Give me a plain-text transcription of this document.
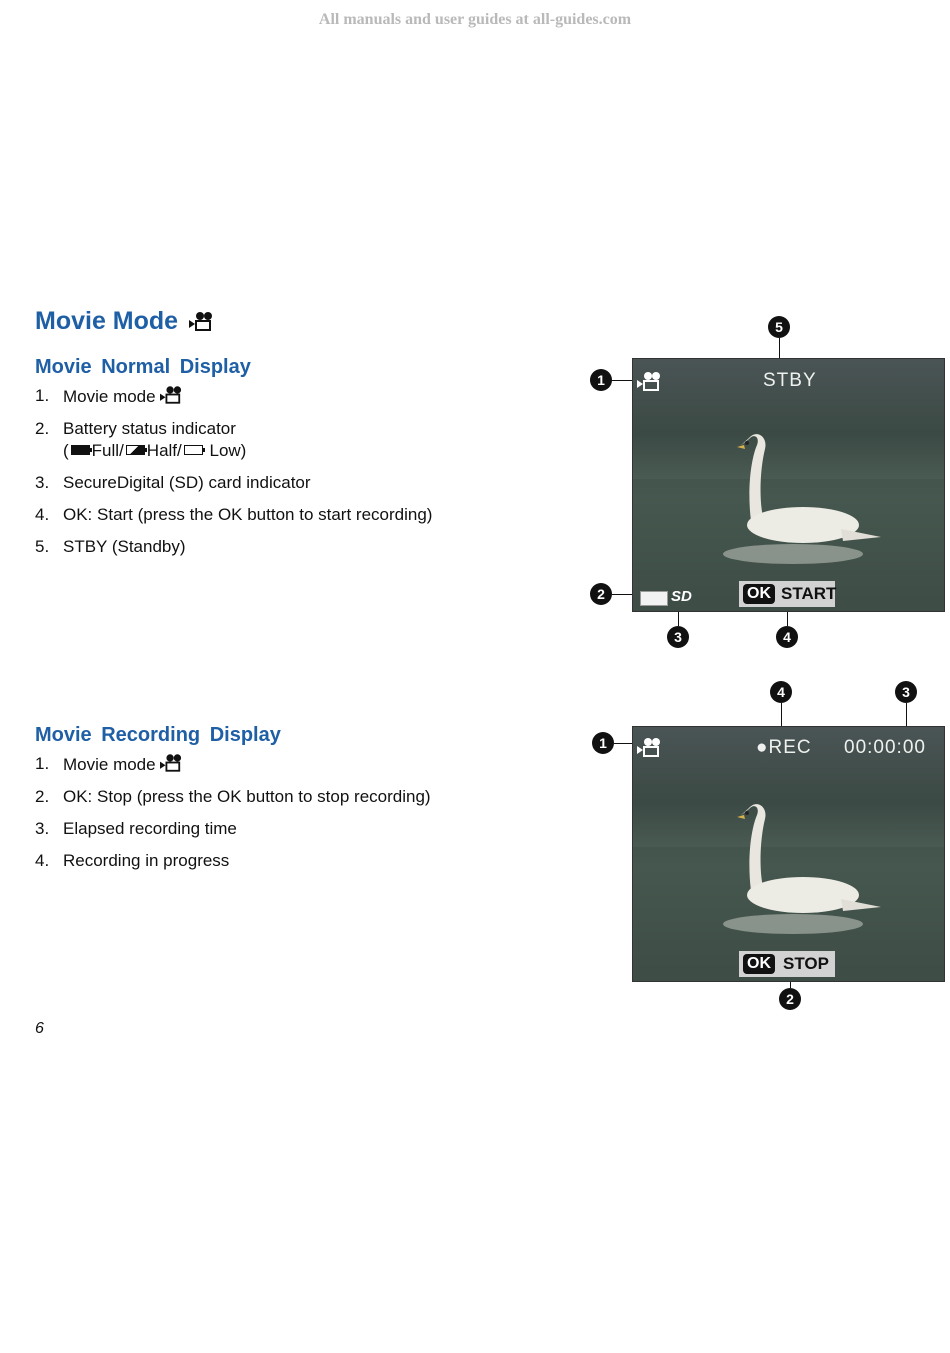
All manuals and user guides at all-guides.com
Movie Mode
Movie Normal Display
1. Movie mode
2. Battery status indicator
( Full/ Half/ Low)
3. SecureDigital (SD) card indicator
4. OK: Start (press the OK button to start recording)
5. STBY (Standby)
5
1
2
3	4
STBY
SD	OK START
Movie Recording Display
1. Movie mode
2. OK: Stop (press the OK button to stop recording)
3. Elapsed recording time
4. Recording in progress
4	3
1
2
●REC 00:00:00
OK STOP
6
